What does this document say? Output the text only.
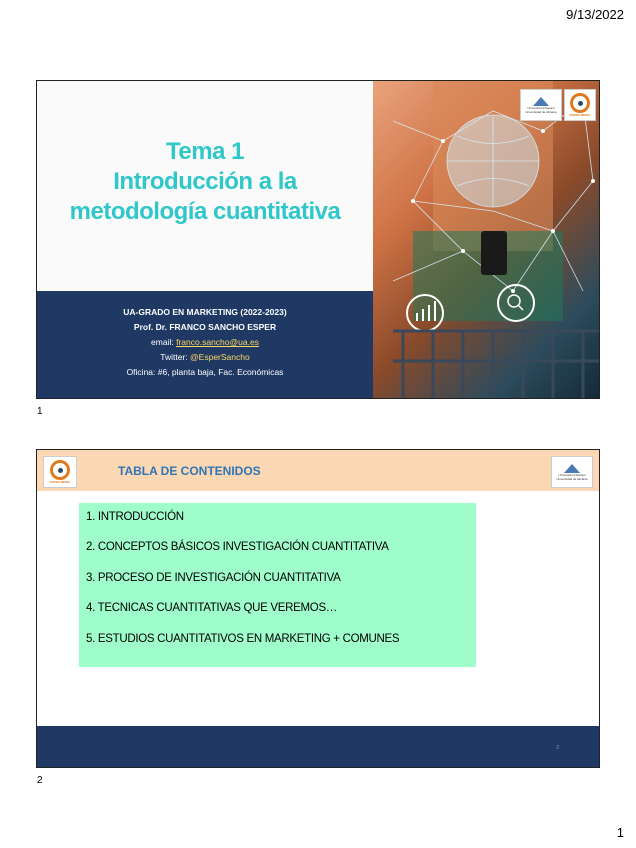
9/13/2022
Tema 1
Introducción a la
metodología cuantitativa
UA-GRADO EN MARKETING (2022-2023)
Prof. Dr. FRANCO SANCHO ESPER
email: franco.sancho@ua.es
Twitter: @EsperSancho
Oficina: #6, planta baja, Fac. Económicas
Universitat d'Alacant Universidad de Alicante
ESPER MEDIA
1
ESPER MEDIA
TABLA DE CONTENIDOS	Universitat d'Alacant Universidad de Alicante
1. INTRODUCCIÓN
2. CONCEPTOS BÁSICOS INVESTIGACIÓN CUANTITATIVA
3. PROCESO DE INVESTIGACIÓN CUANTITATIVA
4. TECNICAS CUANTITATIVAS QUE VEREMOS…
5. ESTUDIOS CUANTITATIVOS EN MARKETING + COMUNES
2
2
1
